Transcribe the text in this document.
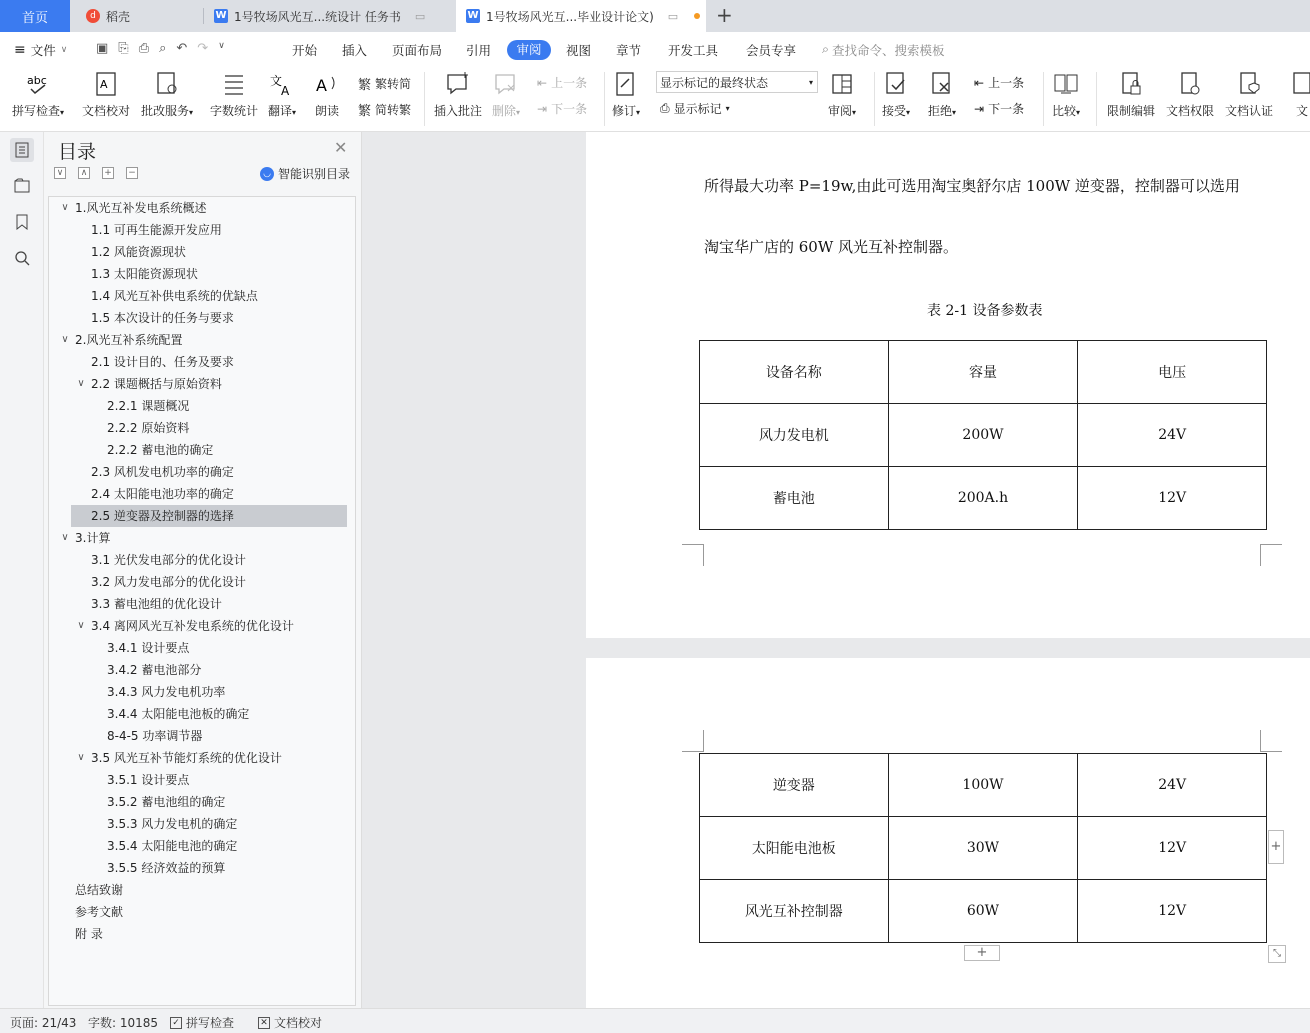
首页	d 稻壳	W 1号牧场风光互...统设计 任务书 ▭	W 1号牧场风光互...毕业设计论文) ▭ +
≡ 文件 ∨ ▣ ⎘ ⎙ ⌕ ↶ ↷ ∨	开始 插入 页面布局 引用	视图 章节 开发工具 会员专享 ⌕ 查找命令、搜索模板
审阅
abc
拼写检查▾
A
文档校对 批改服务▾ 字数统计
文
A
翻译▾
A
朗读
繁 繁转简
繁 简转繁 插入批注 删除▾
⇤ 上一条
⇥ 下一条 修订▾
显示标记的最终状态	▾
⎙ 显示标记 ▾	审阅▾ 接受▾ 拒绝▾
⇤ 上一条
⇥ 下一条 比较▾ 限制编辑 文档权限 文档认证 文
目录	✕
∨	∧	+ −	◡ 智能识别目录
∨ 1.风光互补发电系统概述
1.1 可再生能源开发应用
1.2 风能资源现状
1.3 太阳能资源现状
1.4 风光互补供电系统的优缺点
1.5 本次设计的任务与要求
∨ 2.风光互补系统配置
2.1 设计目的、任务及要求
∨ 2.2 课题概括与原始资料
2.2.1 课题概况
2.2.2 原始资料
2.2.2 蓄电池的确定
2.3 风机发电机功率的确定
2.4 太阳能电池功率的确定
2.5 逆变器及控制器的选择
∨ 3.计算
3.1 光伏发电部分的优化设计
3.2 风力发电部分的优化设计
3.3 蓄电池组的优化设计
∨ 3.4 离网风光互补发电系统的优化设计
3.4.1 设计要点
3.4.2 蓄电池部分
3.4.3 风力发电机功率
3.4.4 太阳能电池板的确定
8-4-5 功率调节器
∨ 3.5 风光互补节能灯系统的优化设计
3.5.1 设计要点
3.5.2 蓄电池组的确定
3.5.3 风力发电机的确定
3.5.4 太阳能电池的确定
3.5.5 经济效益的预算
总结致谢
参考文献
附 录
所得最大功率 P=19w,由此可选用淘宝奥舒尔店 100W 逆变器，控制器可以选用
淘宝华广店的 60W 风光互补控制器。
表 2-1 设备参数表
设备名称	容量	电压
风力发电机	200W	24V
蓄电池	200A.h	12V
逆变器	100W	24V
太阳能电池板	30W	12V
风光互补控制器	60W	12V
+
+	⤡
页面: 21/43 字数: 10185 ✓ 拼写检查	✕ 文档校对
